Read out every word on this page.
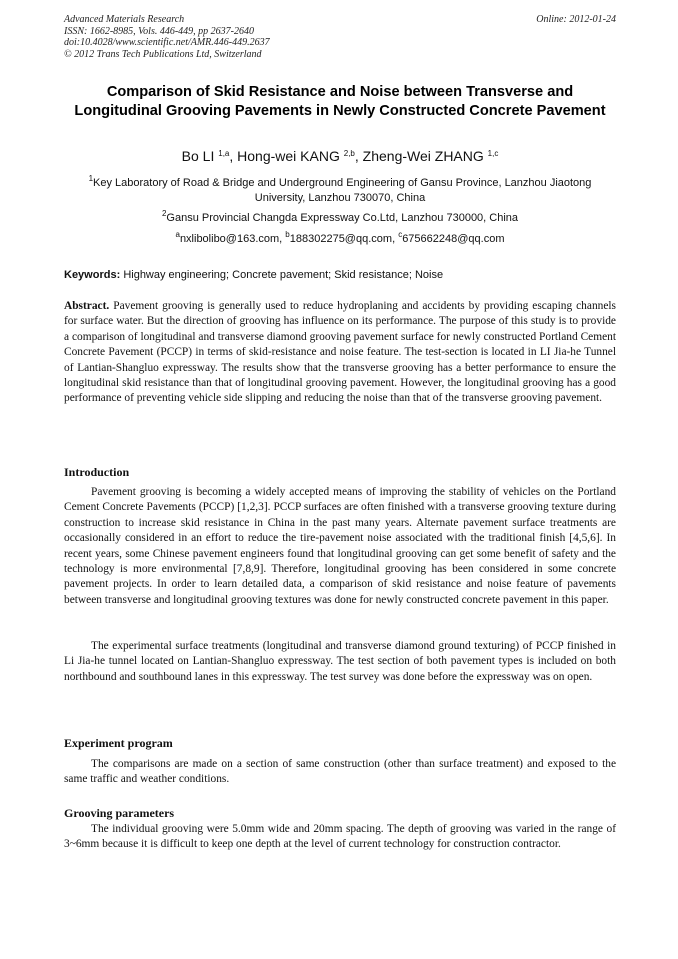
Advanced Materials Research
ISSN: 1662-8985, Vols. 446-449, pp 2637-2640
doi:10.4028/www.scientific.net/AMR.446-449.2637
© 2012 Trans Tech Publications Ltd, Switzerland
Online: 2012-01-24
Comparison of Skid Resistance and Noise between Transverse and Longitudinal Grooving Pavements in Newly Constructed Concrete Pavement
Bo LI $^{1,a}$, Hong-wei KANG $^{2,b}$, Zheng-Wei ZHANG $^{1,c}$
$^1$Key Laboratory of Road & Bridge and Underground Engineering of Gansu Province, Lanzhou Jiaotong University, Lanzhou 730070, China
$^2$Gansu Provincial Changda Expressway Co.Ltd, Lanzhou 730000, China
$^a$nxlibolibo@163.com, $^b$188302275@qq.com, $^c$675662248@qq.com
Keywords: Highway engineering; Concrete pavement; Skid resistance; Noise

Abstract. Pavement grooving is generally used to reduce hydroplaning and accidents by providing escaping channels for surface water. But the direction of grooving has influence on its performance. The purpose of this study is to provide a comparison of longitudinal and transverse diamond grooving pavement surface for newly constructed Portland Cement Concrete Pavement (PCCP) in terms of skid-resistance and noise feature. The test-section is located in LI Jia-he Tunnel of Lantian-Shangluo expressway. The results show that the transverse grooving has a better performance to ensure the longitudinal skid resistance than that of longitudinal grooving pavement. However, the longitudinal grooving has a good performance of preventing vehicle side slipping and reducing the noise than that of the transverse grooving pavement.

Introduction

Pavement grooving is becoming a widely accepted means of improving the stability of vehicles on the Portland Cement Concrete Pavements (PCCP) [1,2,3]. PCCP surfaces are often finished with a transverse grooving texture during construction to increase skid resistance in China in the past many years. Alternate pavement surface treatments are occasionally considered in an effort to reduce the tire-pavement noise associated with the traditional finish [4,5,6]. In recent years, some Chinese pavement engineers found that longitudinal grooving can get some benefit of safety and the technology is more environmental [7,8,9]. Therefore, longitudinal grooving has been considered in some concrete pavement projects. In order to learn detailed data, a comparison of skid resistance and noise feature of pavements between transverse and longitudinal grooving textures was done for newly constructed concrete pavement in this paper.

The experimental surface treatments (longitudinal and transverse diamond ground texturing) of PCCP finished in Li Jia-he tunnel located on Lantian-Shangluo expressway. The test section of both pavement types is included on both northbound and southbound lanes in this expressway. The test survey was done before the expressway was on open.

Experiment program

The comparisons are made on a section of same construction (other than surface treatment) and exposed to the same traffic and weather conditions.

Grooving parameters

The individual grooving were 5.0mm wide and 20mm spacing. The depth of grooving was varied in the range of 3~6mm because it is difficult to keep one depth at the level of current technology for construction contractor.
